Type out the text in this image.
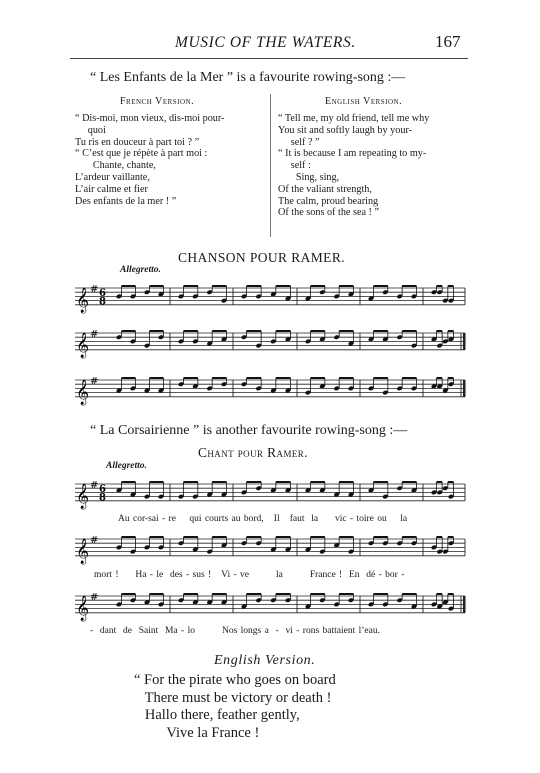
MUSIC OF THE WATERS.	167
“ Les Enfants de la Mer ” is a favourite rowing-song :—
French Version.
“ Dis-moi, mon vieux, dis-moi pour-
quoi
Tu ris en douceur à part toi ? ”
“ C’est que je répète à part moi :
Chante, chante,
L’ardeur vaillante,
L’air calme et fier
Des enfants de la mer ! ”
English Version.
“ Tell me, my old friend, tell me why
You sit and softly laugh by your-
self ? ”
“ It is because I am repeating to my-
self :
Sing, sing,
Of the valiant strength,
The calm, proud bearing
Of the sons of the sea ! ”
CHANSON POUR RAMER.
Allegretto.
𝄞 # 6
8
𝄞 #
𝄞 #
“ La Corsairienne ” is another favourite rowing-song :—
Chant pour Ramer.
Allegretto.
𝄞 # 6
8
Au cor-sai - re    qui courts au bord,   Il   faut  la     vic - toire ou    la
𝄞 #
mort !     Ha - le  des - sus !   Vi - ve        la        France !  En  dé - bor -
𝄞 #
-  dant  de  Saint  Ma - lo        Nos longs a  -  vi - rons battaient l’eau.
English Version.
“ For the pirate who goes on board
There must be victory or death !
Hallo there, feather gently,
Vive la France !
